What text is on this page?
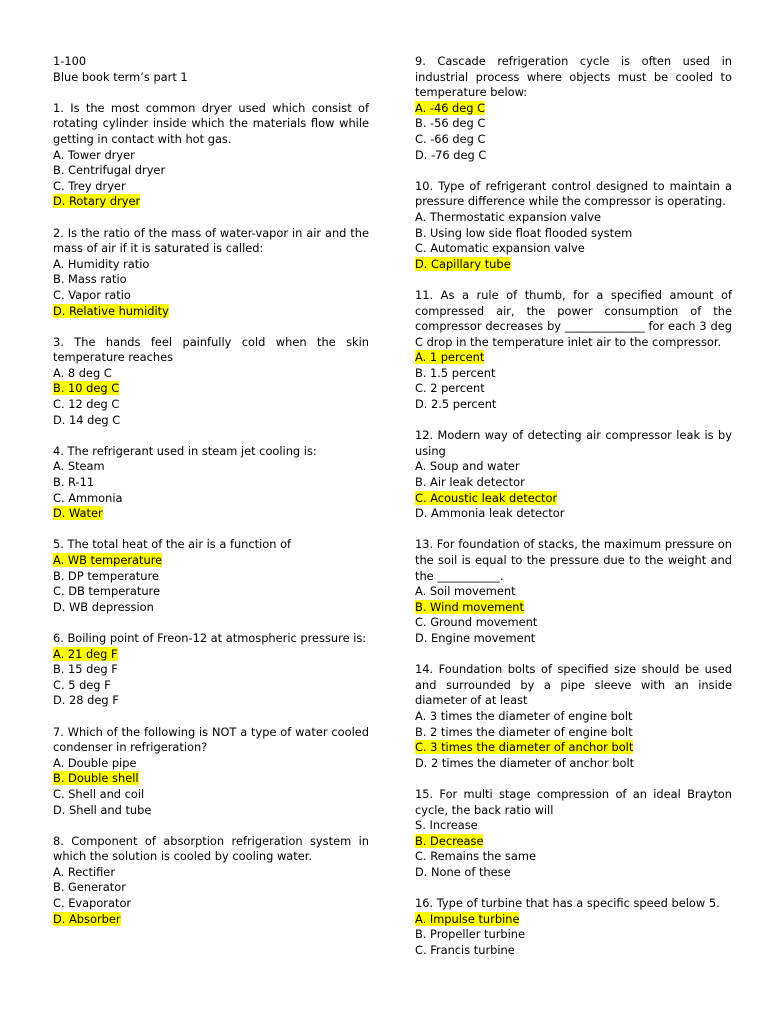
1-100
Blue book term’s part 1
1. Is the most common dryer used which consist of rotating cylinder inside which the materials flow while getting in contact with hot gas.
A. Tower dryer
B. Centrifugal dryer
C. Trey dryer
D. Rotary dryer
2. Is the ratio of the mass of water-vapor in air and the mass of air if it is saturated is called:
A. Humidity ratio
B. Mass ratio
C. Vapor ratio
D. Relative humidity
3. The hands feel painfully cold when the skin temperature reaches
A. 8 deg C
B. 10 deg C
C. 12 deg C
D. 14 deg C
4. The refrigerant used in steam jet cooling is:
A. Steam
B. R-11
C. Ammonia
D. Water
5. The total heat of the air is a function of
A. WB temperature
B. DP temperature
C. DB temperature
D. WB depression
6. Boiling point of Freon-12 at atmospheric pressure is:
A. 21 deg F
B. 15 deg F
C. 5 deg F
D. 28 deg F
7. Which of the following is NOT a type of water cooled condenser in refrigeration?
A. Double pipe
B. Double shell
C. Shell and coil
D. Shell and tube
8. Component of absorption refrigeration system in which the solution is cooled by cooling water.
A. Rectifier
B. Generator
C. Evaporator
D. Absorber
9. Cascade refrigeration cycle is often used in industrial process where objects must be cooled to temperature below:
A. -46 deg C
B. -56 deg C
C. -66 deg C
D. -76 deg C
10. Type of refrigerant control designed to maintain a pressure difference while the compressor is operating.
A. Thermostatic expansion valve
B. Using low side float flooded system
C. Automatic expansion valve
D. Capillary tube
11. As a rule of thumb, for a specified amount of compressed air, the power consumption of the compressor decreases by ______________ for each 3 deg C drop in the temperature inlet air to the compressor.
A. 1 percent
B. 1.5 percent
C. 2 percent
D. 2.5 percent
12. Modern way of detecting air compressor leak is by using
A. Soup and water
B. Air leak detector
C. Acoustic leak detector
D. Ammonia leak detector
13. For foundation of stacks, the maximum pressure on the soil is equal to the pressure due to the weight and the ___________.
A. Soil movement
B. Wind movement
C. Ground movement
D. Engine movement
14. Foundation bolts of specified size should be used and surrounded by a pipe sleeve with an inside diameter of at least
A. 3 times the diameter of engine bolt
B. 2 times the diameter of engine bolt
C. 3 times the diameter of anchor bolt
D. 2 times the diameter of anchor bolt
15. For multi stage compression of an ideal Brayton cycle, the back ratio will
S. Increase
B. Decrease
C. Remains the same
D. None of these
16. Type of turbine that has a specific speed below 5.
A. Impulse turbine
B. Propeller turbine
C. Francis turbine
